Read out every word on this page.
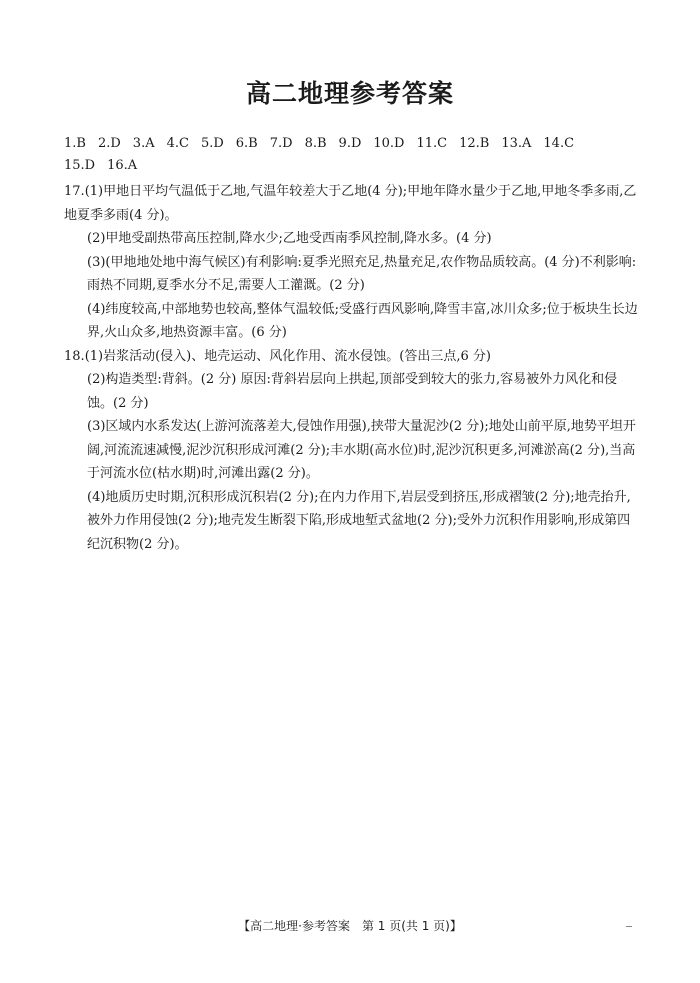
高二地理参考答案
1.B 2.D 3.A 4.C 5.D 6.B 7.D 8.B 9.D 10.D 11.C 12.B 13.A 14.C
15.D 16.A
17.(1)甲地日平均气温低于乙地,气温年较差大于乙地(4 分);甲地年降水量少于乙地,甲地冬季多雨,乙地夏季多雨(4 分)。
(2)甲地受副热带高压控制,降水少;乙地受西南季风控制,降水多。(4 分)
(3)(甲地地处地中海气候区)有利影响:夏季光照充足,热量充足,农作物品质较高。(4 分)不利影响:雨热不同期,夏季水分不足,需要人工灌溉。(2 分)
(4)纬度较高,中部地势也较高,整体气温较低;受盛行西风影响,降雪丰富,冰川众多;位于板块生长边界,火山众多,地热资源丰富。(6 分)
18.(1)岩浆活动(侵入)、地壳运动、风化作用、流水侵蚀。(答出三点,6 分)
(2)构造类型:背斜。(2 分) 原因:背斜岩层向上拱起,顶部受到较大的张力,容易被外力风化和侵蚀。(2 分)
(3)区域内水系发达(上游河流落差大,侵蚀作用强),挟带大量泥沙(2 分);地处山前平原,地势平坦开阔,河流流速减慢,泥沙沉积形成河滩(2 分);丰水期(高水位)时,泥沙沉积更多,河滩淤高(2 分),当高于河流水位(枯水期)时,河滩出露(2 分)。
(4)地质历史时期,沉积形成沉积岩(2 分);在内力作用下,岩层受到挤压,形成褶皱(2 分);地壳抬升,被外力作用侵蚀(2 分);地壳发生断裂下陷,形成地堑式盆地(2 分);受外力沉积作用影响,形成第四纪沉积物(2 分)。
【高二地理·参考答案　第 1 页(共 1 页)】
